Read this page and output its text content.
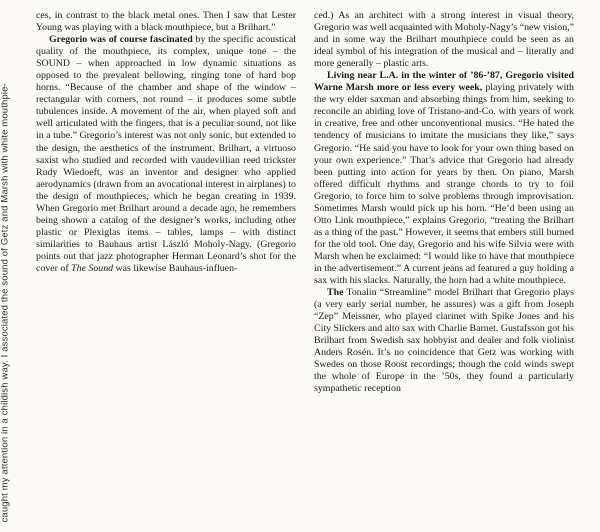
caught my attention in a childish way. I associated the sound of Getz and Marsh with white mouthpie-

ces, in contrast to the black metal ones. Then I saw that Lester Young was playing with a black mouthpiece, but a Brilhart.”

Gregorio was of course fascinated by the specific acoustical quality of the mouthpiece, its complex, unique tone – the SOUND – when approached in low dynamic situations as opposed to the prevalent bellowing, ringing tone of hard bop horns. “Because of the chamber and shape of the window – rectangular with corners, not round – it produces some subtle tubulences inside. A movement of the air, when played soft and well articulated with the fingers, that is a peculiar sound, not like in a tube.” Gregorio’s interest was not only sonic, but extended to the design, the aesthetics of the instrument. Brilhart, a virtuoso saxist who studied and recorded with vaudevillian reed trickster Rudy Wiedoeft, was an inventor and designer who applied aerodynamics (drawn from an avocational interest in airplanes) to the design of mouthpieces, which he began creating in 1939. When Gregorio met Brilhart around a decade ago, he remembers being shown a catalog of the designer’s works, including other plastic or Plexiglas items – tables, lamps – with distinct similarities to Bauhaus artist László Moholy-Nagy. (Gregorio points out that jazz photographer Herman Leonard’s shot for the cover of The Sound was likewise Bauhaus-influen-

ced.) As an architect with a strong interest in visual theory, Gregorio was well acquainted with Moholy-Nagy’s “new vision,” and in some way the Brilhart mouthpiece could be seen as an ideal symbol of his integration of the musical and – literally and more generally – plastic arts.

Living near L.A. in the winter of ’86-’87, Gregorio visited Warne Marsh more or less every week, playing privately with the wry elder saxman and absorbing things from him, seeking to reconcile an abiding love of Tristano-and-Co. with years of work in creative, free and other unconventional musics. “He hated the tendency of musicians to imitate the musicians they like,” says Gregorio. “He said you have to look for your own thing based on your own experience.” That’s advice that Gregorio had already been putting into action for years by then. On piano, Marsh offered difficult rhythms and strange chords to try to foil Gregorio, to force him to solve problems through improvisation. Sometimes Marsh would pick up his horn. “He’d been using an Otto Link mouthpiece,” explains Gregorio, “treating the Brilhart as a thing of the past.” However, it seems that embers still burned for the old tool. One day, Gregorio and his wife Silvia were with Marsh when he exclaimed: “I would like to have that mouthpiece in the advertisement.” A current jeans ad featured a guy holding a sax with his slacks. Naturally, the horn had a white mouthpiece.

The Tonalin “Streamline” model Brilhart that Gregorio plays (a very early serial number, he assures) was a gift from Joseph “Zep” Meissner, who played clarinet with Spike Jones and his City Slickers and alto sax with Charlie Barnet. Gustafsson got his Brilhart from Swedish sax hobbyist and dealer and folk violinist Anders Rosén. It’s no coincidence that Getz was working with Swedes on those Roost recordings; though the cold winds swept the whole of Europe in the ’50s, they found a particularly sympathetic reception
